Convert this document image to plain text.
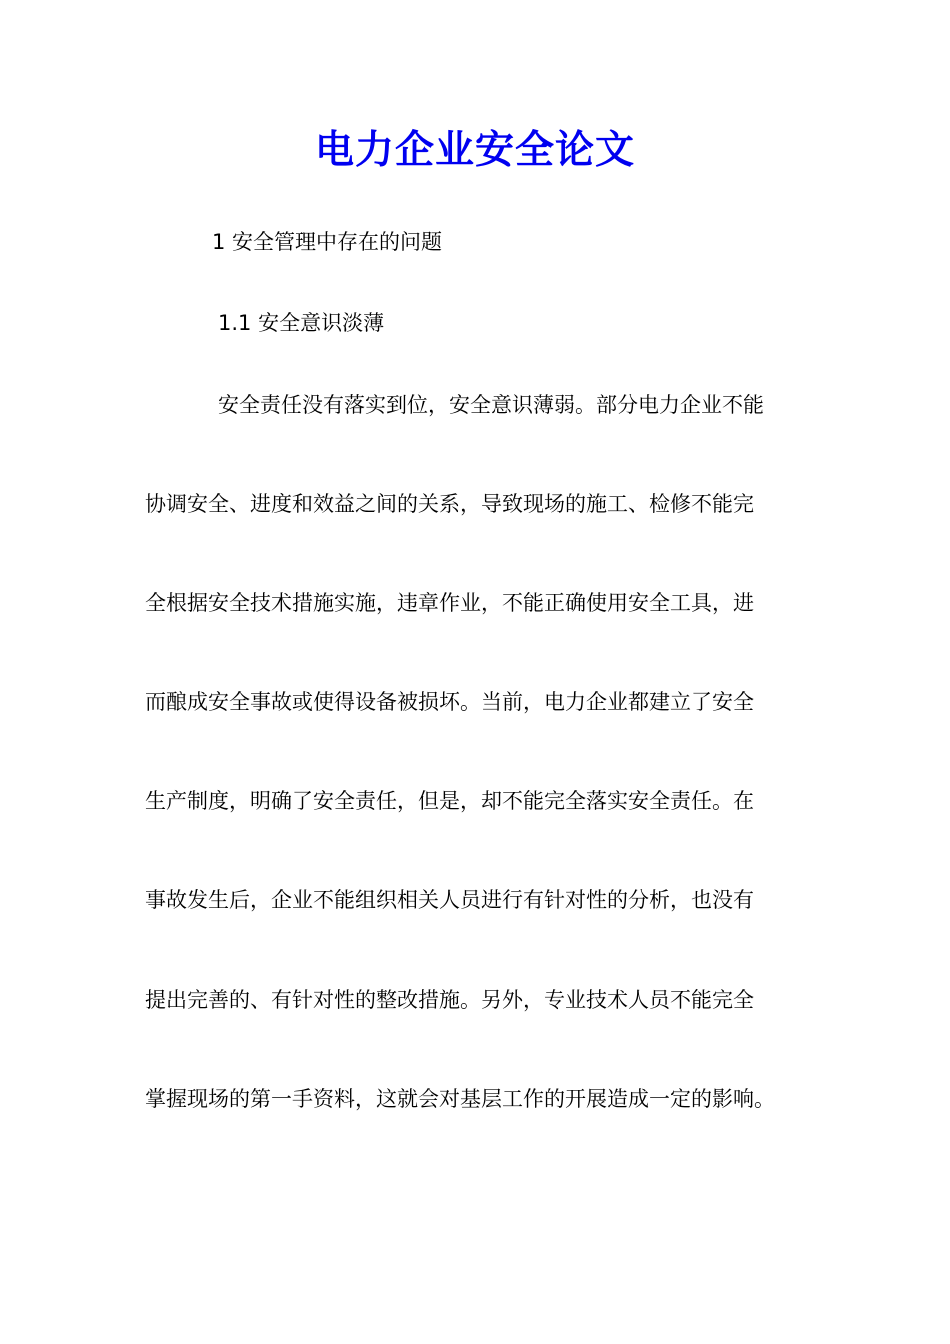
电力企业安全论文
1 安全管理中存在的问题
1.1 安全意识淡薄
安全责任没有落实到位，安全意识薄弱。部分电力企业不能
协调安全、进度和效益之间的关系，导致现场的施工、检修不能完
全根据安全技术措施实施，违章作业，不能正确使用安全工具，进
而酿成安全事故或使得设备被损坏。当前，电力企业都建立了安全
生产制度，明确了安全责任，但是，却不能完全落实安全责任。在
事故发生后，企业不能组织相关人员进行有针对性的分析，也没有
提出完善的、有针对性的整改措施。另外，专业技术人员不能完全
掌握现场的第一手资料，这就会对基层工作的开展造成一定的影响。
